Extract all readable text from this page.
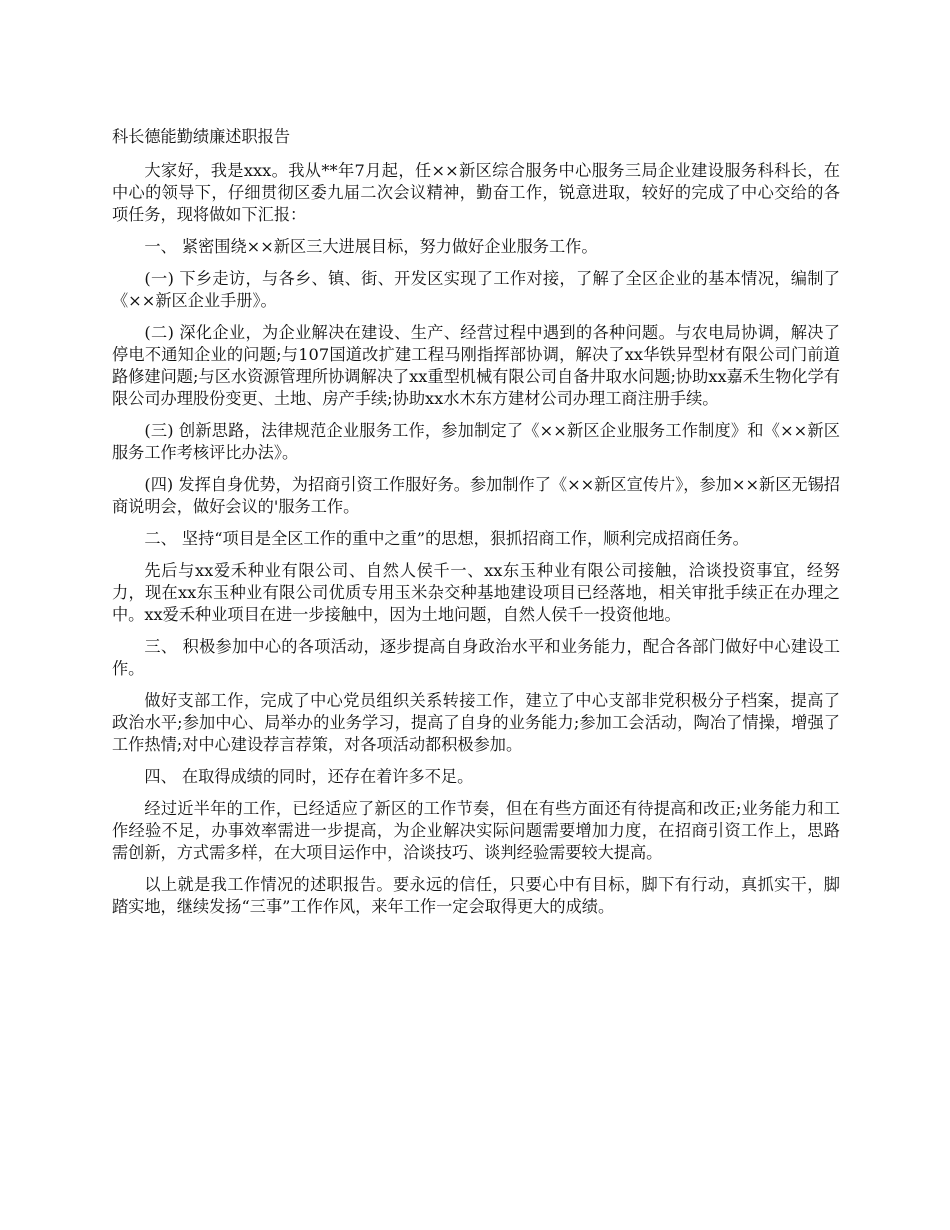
科长德能勤绩廉述职报告

大家好，我是xxx。我从**年7月起，任××新区综合服务中心服务三局企业建设服务科科长，在中心的领导下，仔细贯彻区委九届二次会议精神，勤奋工作，锐意进取，较好的完成了中心交给的各项任务，现将做如下汇报：

一、 紧密围绕××新区三大进展目标，努力做好企业服务工作。

(一) 下乡走访，与各乡、镇、街、开发区实现了工作对接，了解了全区企业的基本情况，编制了《××新区企业手册》。

(二) 深化企业，为企业解决在建设、生产、经营过程中遇到的各种问题。与农电局协调，解决了停电不通知企业的问题;与107国道改扩建工程马刚指挥部协调，解决了xx华铁异型材有限公司门前道路修建问题;与区水资源管理所协调解决了xx重型机械有限公司自备井取水问题;协助xx嘉禾生物化学有限公司办理股份变更、土地、房产手续;协助xx水木东方建材公司办理工商注册手续。

(三) 创新思路，法律规范企业服务工作，参加制定了《××新区企业服务工作制度》和《××新区服务工作考核评比办法》。

(四) 发挥自身优势，为招商引资工作服好务。参加制作了《××新区宣传片》，参加××新区无锡招商说明会，做好会议的'服务工作。

二、 坚持“项目是全区工作的重中之重”的思想，狠抓招商工作，顺利完成招商任务。

先后与xx爱禾种业有限公司、自然人侯千一、xx东玉种业有限公司接触，洽谈投资事宜，经努力，现在xx东玉种业有限公司优质专用玉米杂交种基地建设项目已经落地，相关审批手续正在办理之中。xx爱禾种业项目在进一步接触中，因为土地问题，自然人侯千一投资他地。

三、 积极参加中心的各项活动，逐步提高自身政治水平和业务能力，配合各部门做好中心建设工作。

做好支部工作，完成了中心党员组织关系转接工作，建立了中心支部非党积极分子档案，提高了政治水平;参加中心、局举办的业务学习，提高了自身的业务能力;参加工会活动，陶冶了情操，增强了工作热情;对中心建设荐言荐策，对各项活动都积极参加。

四、 在取得成绩的同时，还存在着许多不足。

经过近半年的工作，已经适应了新区的工作节奏，但在有些方面还有待提高和改正;业务能力和工作经验不足，办事效率需进一步提高，为企业解决实际问题需要增加力度，在招商引资工作上，思路需创新，方式需多样，在大项目运作中，洽谈技巧、谈判经验需要较大提高。

以上就是我工作情况的述职报告。要永远的信任，只要心中有目标，脚下有行动，真抓实干，脚踏实地，继续发扬“三事”工作作风，来年工作一定会取得更大的成绩。
